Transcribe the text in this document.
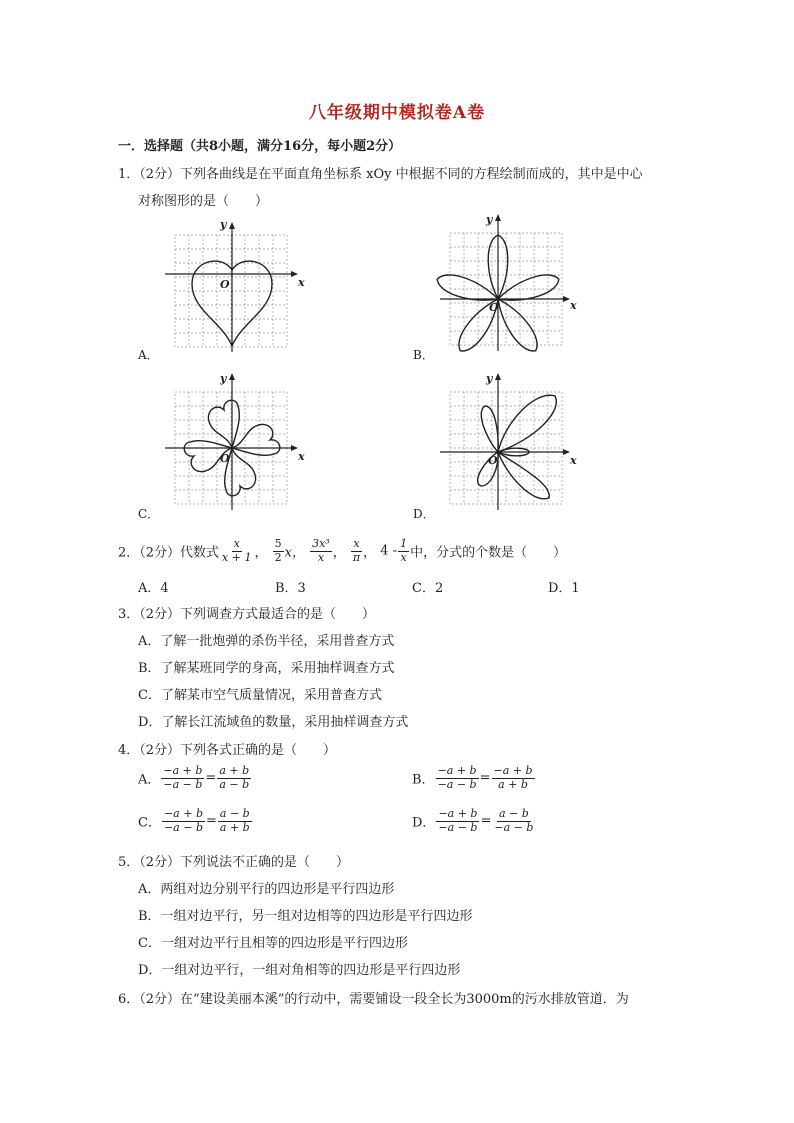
八年级期中模拟卷A卷
一．选择题（共8小题，满分16分，每小题2分）
1．（2分）下列各曲线是在平面直角坐标系 xOy 中根据不同的方程绘制而成的，其中是中心
对称图形的是（　　）
x
y
O
A．
x
y
O
B．
x
y
O
C．
x
y
O
D．
2．（2分）代数式 $\frac{x}{x + 1}$ ， $\frac{5}{2}$ x， $\frac{\text{3x³}}{x}$ ， $\frac{x}{\pi}$ ， $4 - \frac{1}{x}$ 中，分式的个数是（　　）
A．4	B．3	C．2	D．1
3．（2分）下列调查方式最适合的是（　　）
A．了解一批炮弹的杀伤半径，采用普查方式
B．了解某班同学的身高，采用抽样调查方式
C．了解某市空气质量情况，采用普查方式
D．了解长江流域鱼的数量，采用抽样调查方式
4．（2分）下列各式正确的是（　　）
A． $\frac{-a + b}{-a - b} = \frac{a + b}{a - b}$	B． $\frac{-a + b}{-a - b} = \frac{-a + b}{a + b}$
C． $\frac{-a + b}{-a - b} = \frac{a - b}{a + b}$	D． $\frac{-a + b}{-a - b} = \frac{a - b}{-a - b}$
5．（2分）下列说法不正确的是（　　）
A．两组对边分别平行的四边形是平行四边形
B．一组对边平行，另一组对边相等的四边形是平行四边形
C．一组对边平行且相等的四边形是平行四边形
D．一组对边平行，一组对角相等的四边形是平行四边形
6．（2分）在“建设美丽本溪”的行动中，需要铺设一段全长为3000m的污水排放管道．为
